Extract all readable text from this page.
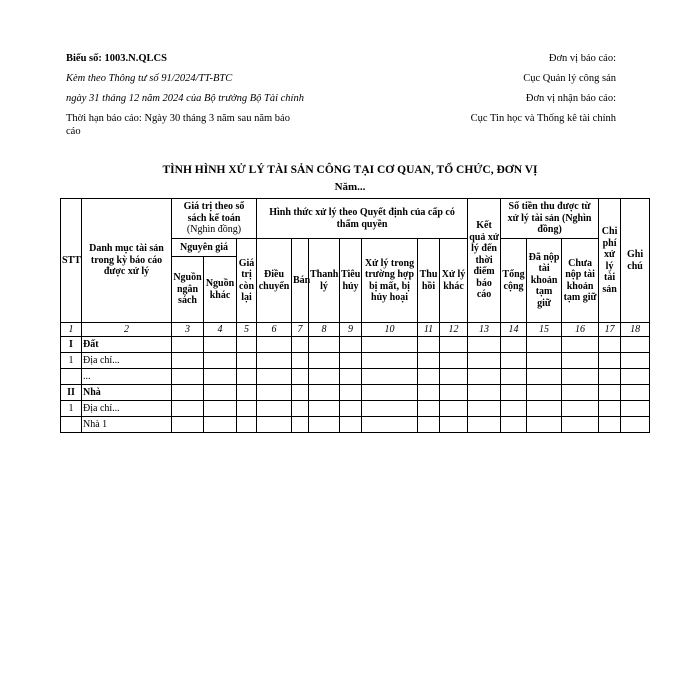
Biểu số: 1003.N.QLCS

Kèm theo Thông tư số 91/2024/TT-BTC

ngày 31 tháng 12 năm 2024 của Bộ trưởng Bộ Tài chính

Thời hạn báo cáo: Ngày 30 tháng 3 năm sau năm báo cáo

Đơn vị báo cáo:

Cục Quản lý công sản

Đơn vị nhận báo cáo:

Cục Tin học và Thống kê tài chính

TÌNH HÌNH XỬ LÝ TÀI SẢN CÔNG TẠI CƠ QUAN, TỔ CHỨC, ĐƠN VỊ
Năm...
STT	Danh mục tài sản trong kỳ báo cáo được xử lý	Giá trị theo sổ sách kế toán (Nghìn đồng)			Hình thức xử lý theo Quyết định của cấp có thẩm quyền							Kết quả xử lý đến thời điểm báo cáo	Số tiền thu được từ xử lý tài sản (Nghìn đồng)			Chi phí xử lý tài sản	Ghi chú
		Nguyên giá		Giá trị còn lại	Điều chuyển	Bán	Thanh lý	Tiêu hủy	Xử lý trong trường hợp bị mất, bị hủy hoại	Thu hồi	Xử lý khác		Tổng cộng	Đã nộp tài khoản tạm giữ	Chưa nộp tài khoản tạm giữ		
		Nguồn ngân sách	Nguồn khác														
1	2	3	4	5	6	7	8	9	10	11	12	13	14	15	16	17	18
I	Đất																
1	Địa chỉ...																
	...																
II	Nhà																
1	Địa chỉ...																
	Nhà 1																
